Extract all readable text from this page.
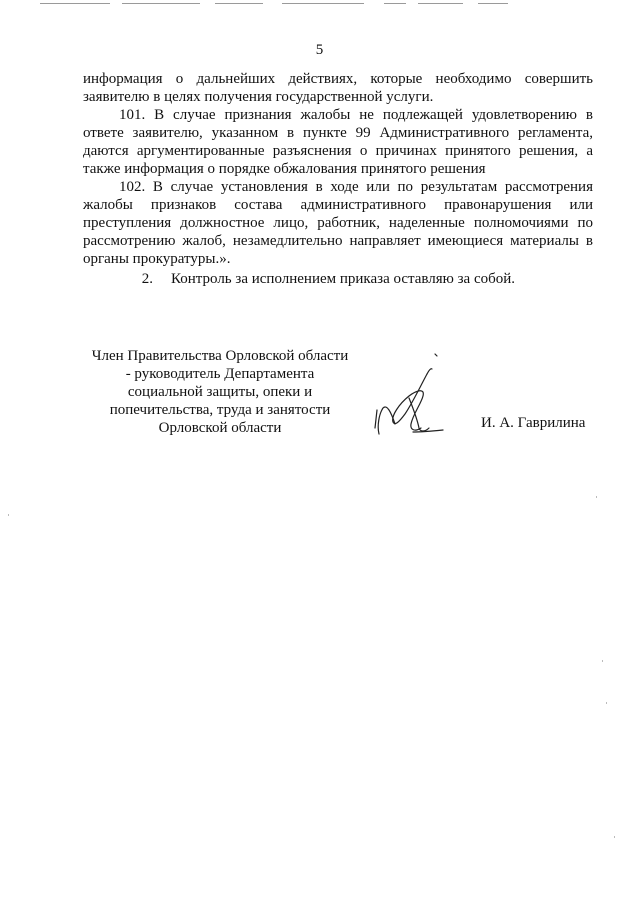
5

информация о дальнейших действиях, которые необходимо совершить заявителю в целях получения государственной услуги.

101. В случае признания жалобы не подлежащей удовлетворению в ответе заявителю, указанном в пункте 99 Административного регламента, даются аргументированные разъяснения о причинах принятого решения, а также информация о порядке обжалования принятого решения

102. В случае установления в ходе или по результатам рассмотрения жалобы признаков состава административного правонарушения или преступления должностное лицо, работник, наделенные полномочиями по рассмотрению жалоб, незамедлительно направляет имеющиеся материалы в органы прокуратуры.».

2.	Контроль за исполнением приказа оставляю за собой.

Член Правительства Орловской области
- руководитель Департамента
социальной защиты, опеки и
попечительства, труда и занятости
Орловской области	И. А. Гаврилина
